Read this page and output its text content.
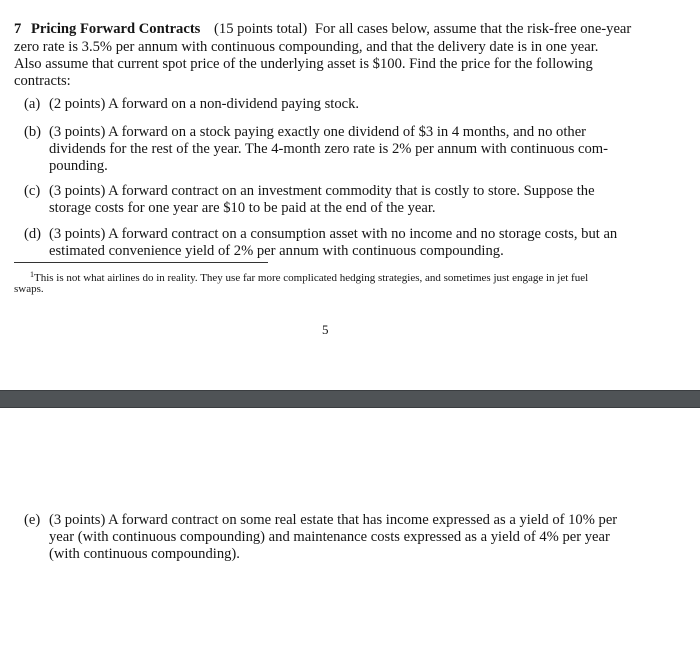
7 Pricing Forward Contracts (15 points total) For all cases below, assume that the risk-free one-year
zero rate is 3.5% per annum with continuous compounding, and that the delivery date is in one year.
Also assume that current spot price of the underlying asset is $100. Find the price for the following
contracts:
(a) (2 points) A forward on a non-dividend paying stock.
(b) (3 points) A forward on a stock paying exactly one dividend of $3 in 4 months, and no other
dividends for the rest of the year. The 4-month zero rate is 2% per annum with continuous com-
pounding.
(c) (3 points) A forward contract on an investment commodity that is costly to store. Suppose the
storage costs for one year are $10 to be paid at the end of the year.
(d) (3 points) A forward contract on a consumption asset with no income and no storage costs, but an
estimated convenience yield of 2% per annum with continuous compounding.
$^1$This is not what airlines do in reality. They use far more complicated hedging strategies, and sometimes just engage in jet fuel
swaps.
5
(e) (3 points) A forward contract on some real estate that has income expressed as a yield of 10% per
year (with continuous compounding) and maintenance costs expressed as a yield of 4% per year
(with continuous compounding).
